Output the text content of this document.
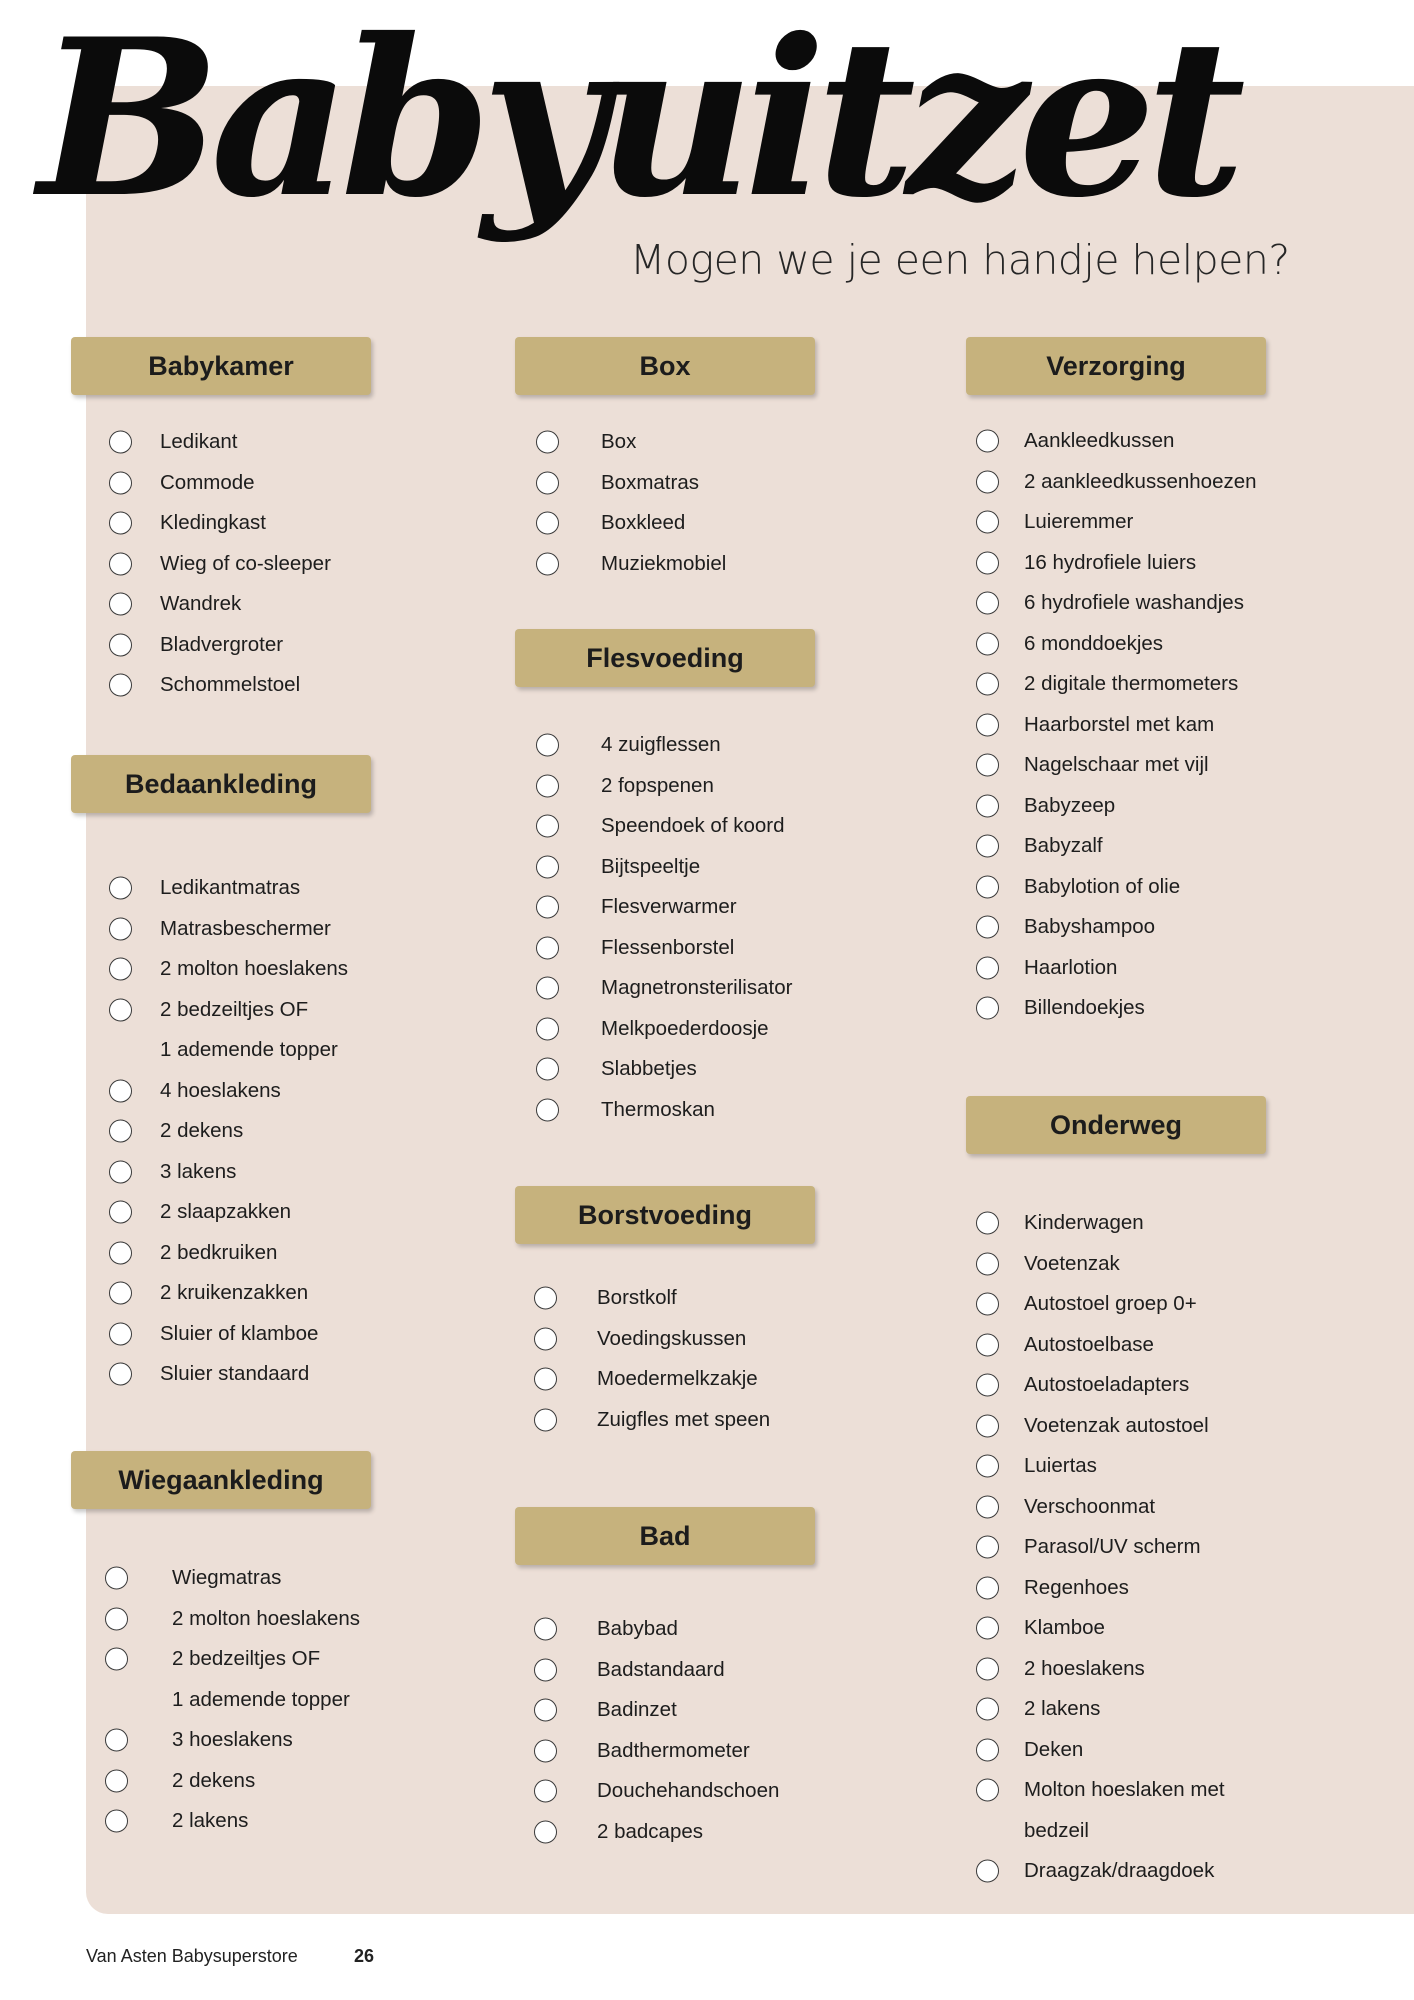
Babyuitzet
Mogen we je een handje helpen?
Babykamer
Ledikant
Commode
Kledingkast
Wieg of co-sleeper
Wandrek
Bladvergroter
Schommelstoel
Bedaankleding
Ledikantmatras
Matrasbeschermer
2 molton hoeslakens
2 bedzeiltjes OF
1 ademende topper
4 hoeslakens
2 dekens
3 lakens
2 slaapzakken
2 bedkruiken
2 kruikenzakken
Sluier of klamboe
Sluier standaard
Wiegaankleding
Wiegmatras
2 molton hoeslakens
2 bedzeiltjes OF
1 ademende topper
3 hoeslakens
2 dekens
2 lakens
Box
Box
Boxmatras
Boxkleed
Muziekmobiel
Flesvoeding
4 zuigflessen
2 fopspenen
Speendoek of koord
Bijtspeeltje
Flesverwarmer
Flessenborstel
Magnetronsterilisator
Melkpoederdoosje
Slabbetjes
Thermoskan
Borstvoeding
Borstkolf
Voedingskussen
Moedermelkzakje
Zuigfles met speen
Bad
Babybad
Badstandaard
Badinzet
Badthermometer
Douchehandschoen
2 badcapes
Verzorging
Aankleedkussen
2 aankleedkussenhoezen
Luieremmer
16 hydrofiele luiers
6 hydrofiele washandjes
6 monddoekjes
2 digitale thermometers
Haarborstel met kam
Nagelschaar met vijl
Babyzeep
Babyzalf
Babylotion of olie
Babyshampoo
Haarlotion
Billendoekjes
Onderweg
Kinderwagen
Voetenzak
Autostoel groep 0+
Autostoelbase
Autostoeladapters
Voetenzak autostoel
Luiertas
Verschoonmat
Parasol/UV scherm
Regenhoes
Klamboe
2 hoeslakens
2 lakens
Deken
Molton hoeslaken met
bedzeil
Draagzak/draagdoek
Van Asten Babysuperstore	26
